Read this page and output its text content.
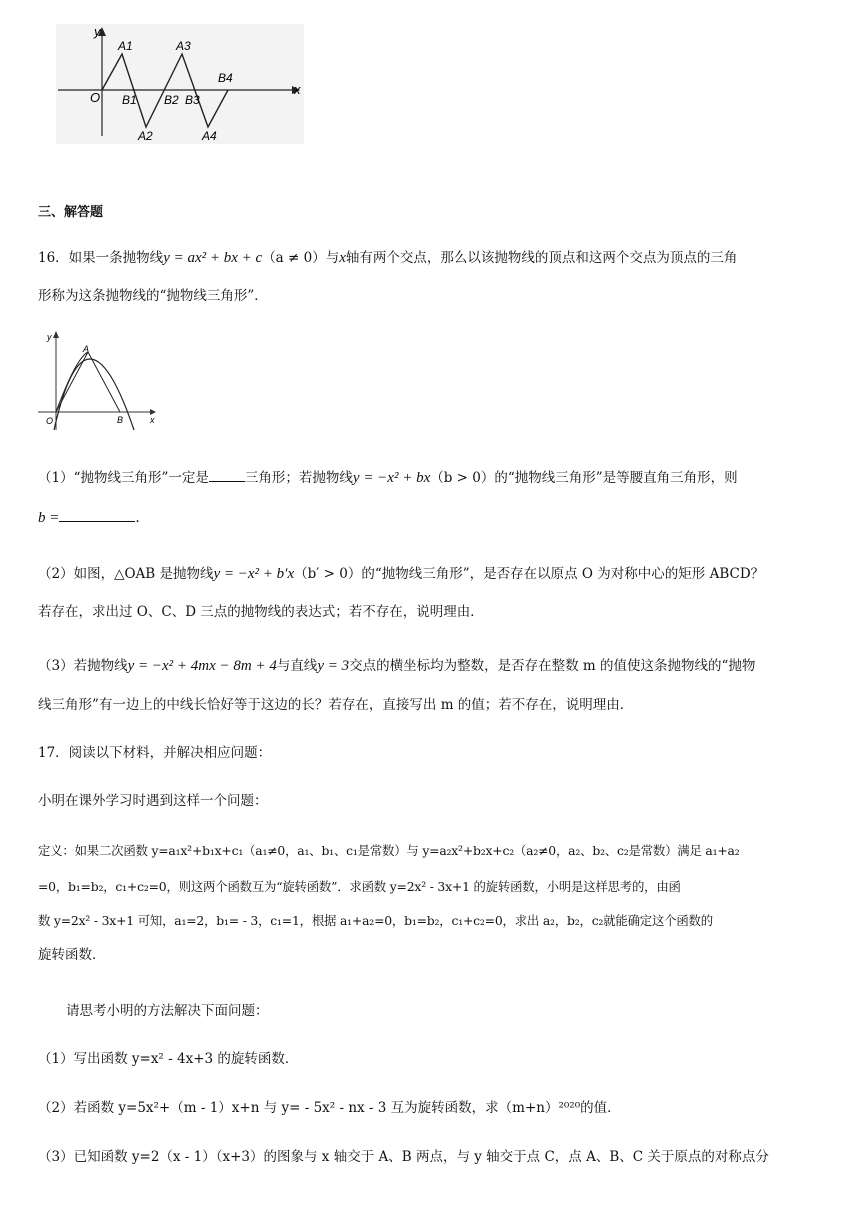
y
x
O
A1	A3
B4
B1 B2 B3
A2	A4
三、解答题
16．如果一条抛物线y = ax² + bx + c（a ≠ 0）与x轴有两个交点，那么以该抛物线的顶点和这两个交点为顶点的三角
形称为这条抛物线的“抛物线三角形”．
y
x
O
A
B
（1）“抛物线三角形”一定是	三角形；若抛物线y = −x² + bx（b > 0）的“抛物线三角形”是等腰直角三角形，则
b =	.
（2）如图，△OAB 是抛物线y = −x² + b′x（b′ > 0）的“抛物线三角形”，是否存在以原点 O 为对称中心的矩形 ABCD？
若存在，求出过 O、C、D 三点的抛物线的表达式；若不存在，说明理由．
（3）若抛物线y = −x² + 4mx − 8m + 4与直线y = 3交点的横坐标均为整数，是否存在整数 m 的值使这条抛物线的“抛物
线三角形”有一边上的中线长恰好等于这边的长？若存在，直接写出 m 的值；若不存在，说明理由．
17．阅读以下材料，并解决相应问题：
小明在课外学习时遇到这样一个问题：
定义：如果二次函数 y=a₁x²+b₁x+c₁（a₁≠0，a₁、b₁、c₁是常数）与 y=a₂x²+b₂x+c₂（a₂≠0，a₂、b₂、c₂是常数）满足 a₁+a₂
=0，b₁=b₂，c₁+c₂=0，则这两个函数互为“旋转函数”．求函数 y=2x² - 3x+1 的旋转函数，小明是这样思考的，由函
数 y=2x² - 3x+1 可知，a₁=2，b₁= - 3，c₁=1，根据 a₁+a₂=0，b₁=b₂，c₁+c₂=0，求出 a₂，b₂，c₂就能确定这个函数的
旋转函数．
请思考小明的方法解决下面问题：
（1）写出函数 y=x² - 4x+3 的旋转函数．
（2）若函数 y=5x²+（m - 1）x+n 与 y= - 5x² - nx - 3 互为旋转函数，求（m+n）²⁰²⁰的值．
（3）已知函数 y=2（x - 1）（x+3）的图象与 x 轴交于 A、B 两点，与 y 轴交于点 C，点 A、B、C 关于原点的对称点分
